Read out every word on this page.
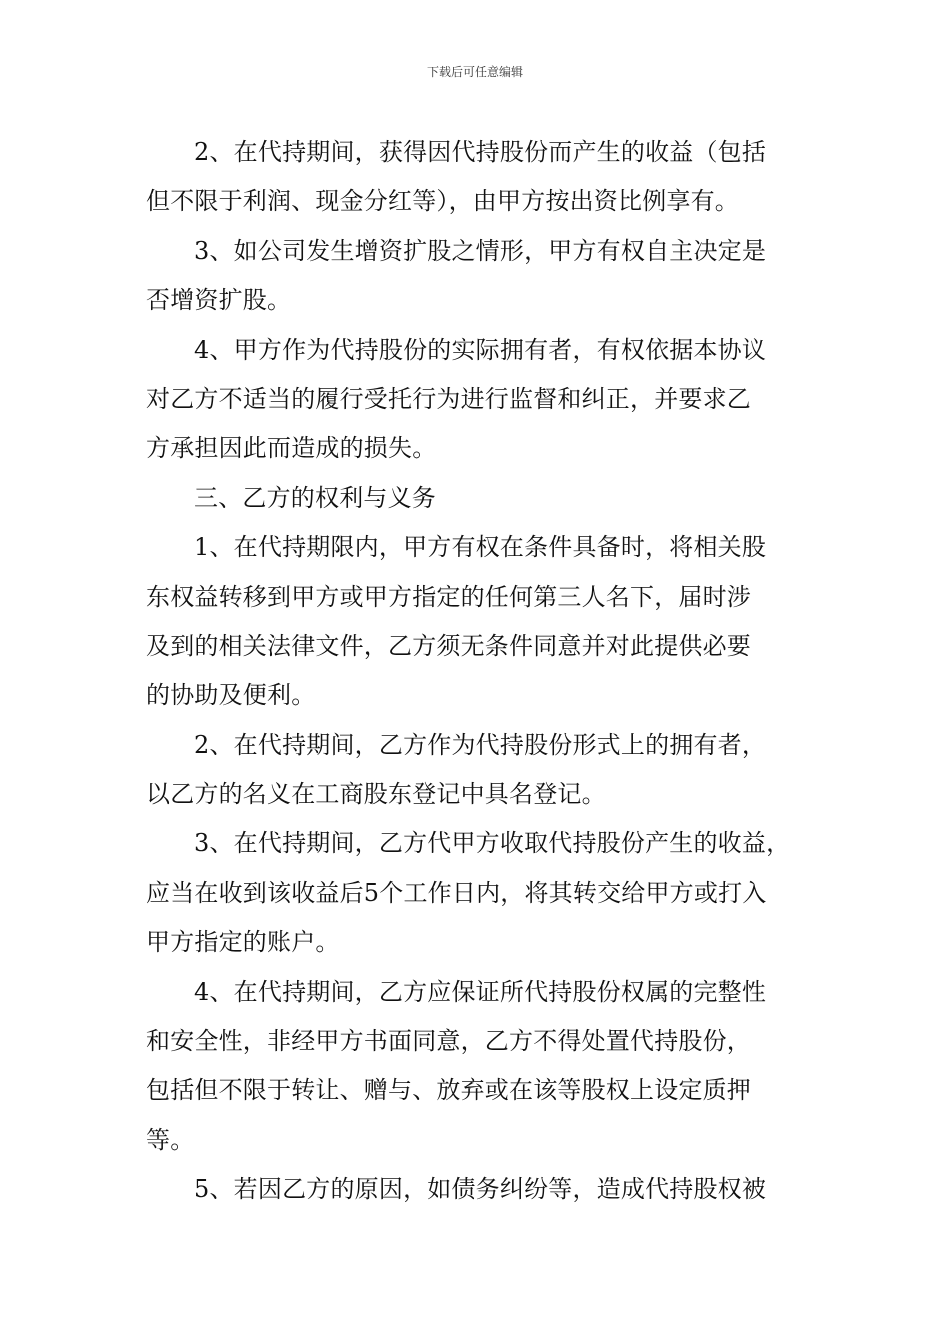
下载后可任意编辑
2、在代持期间，获得因代持股份而产生的收益（包括
但不限于利润、现金分红等），由甲方按出资比例享有。
3、如公司发生增资扩股之情形，甲方有权自主决定是
否增资扩股。
4、甲方作为代持股份的实际拥有者，有权依据本协议
对乙方不适当的履行受托行为进行监督和纠正，并要求乙
方承担因此而造成的损失。
三、乙方的权利与义务
1、在代持期限内，甲方有权在条件具备时，将相关股
东权益转移到甲方或甲方指定的任何第三人名下，届时涉
及到的相关法律文件，乙方须无条件同意并对此提供必要
的协助及便利。
2、在代持期间，乙方作为代持股份形式上的拥有者，
以乙方的名义在工商股东登记中具名登记。
3、在代持期间，乙方代甲方收取代持股份产生的收益，
应当在收到该收益后5个工作日内，将其转交给甲方或打入
甲方指定的账户。
4、在代持期间，乙方应保证所代持股份权属的完整性
和安全性，非经甲方书面同意，乙方不得处置代持股份，
包括但不限于转让、赠与、放弃或在该等股权上设定质押
等。
5、若因乙方的原因，如债务纠纷等，造成代持股权被
